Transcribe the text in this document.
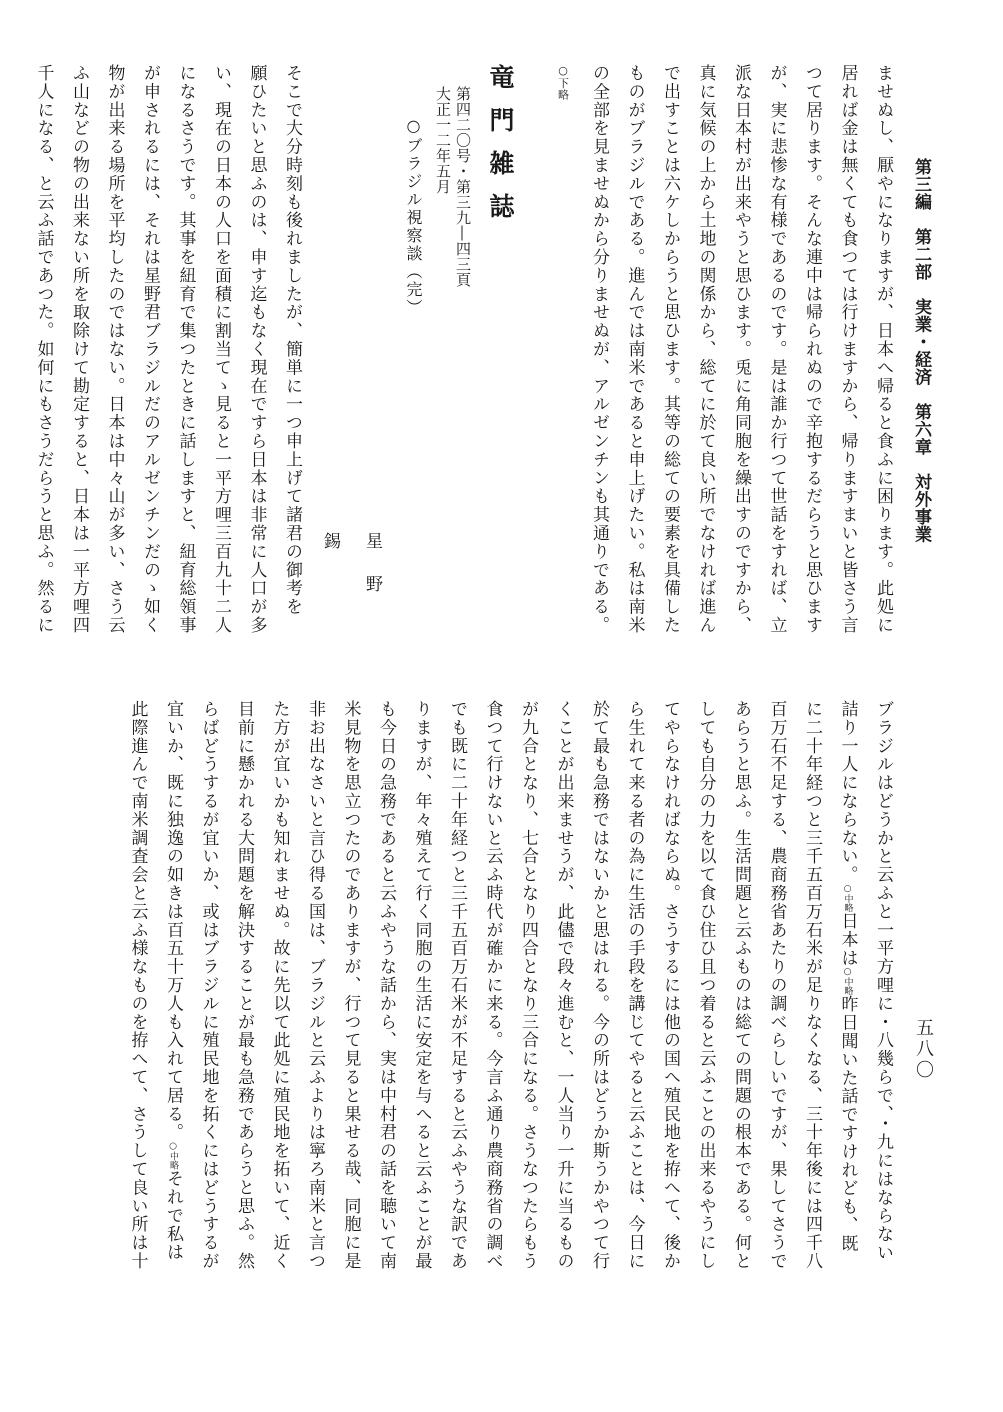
第三編　第二部　実業・経済　第六章　対外事業
五八〇
ませぬし、厭やになりますが、日本へ帰ると食ふに困ります。此処に
居れば金は無くても食つては行けますから、帰りますまいと皆さう言
つて居ります。そんな連中は帰られぬので辛抱するだらうと思ひます
が、実に悲惨な有様であるのです。是は誰か行つて世話をすれば、立
派な日本村が出来やうと思ひます。兎に角同胞を繰出すのですから、
真に気候の上から土地の関係から、総てに於て良い所でなければ進ん
で出すことは六ケしからうと思ひます。其等の総ての要素を具備した
ものがブラジルである。進んでは南米であると申上げたい。私は南米
の全部を見ませぬから分りませぬが、アルゼンチンも其通りである。
○下略
竜門雑誌
第四二〇号・第三九―四三頁
大正一二年五月
○ブラジル視察談（完）
星野錫
そこで大分時刻も後れましたが、簡単に一つ申上げて諸君の御考を
願ひたいと思ふのは、申す迄もなく現在ですら日本は非常に人口が多
い、現在の日本の人口を面積に割当てゝ見ると一平方哩三百九十二人
になるさうです。其事を紐育で集つたときに話しますと、紐育総領事
が申されるには、それは星野君ブラジルだのアルゼンチンだのゝ如く
物が出来る場所を平均したのではない。日本は中々山が多い、さう云
ふ山などの物の出来ない所を取除けて勘定すると、日本は一平方哩四
千人になる、と云ふ話であつた。如何にもさうだらうと思ふ。然るに
ブラジルはどうかと云ふと一平方哩に・八幾らで、・九にはならない
詰り一人にならない。○中略日本は○中略昨日聞いた話ですけれども、既
に二十年経つと三千五百万石米が足りなくなる、三十年後には四千八
百万石不足する、農商務省あたりの調べらしいですが、果してさうで
あらうと思ふ。生活問題と云ふものは総ての問題の根本である。何と
しても自分の力を以て食ひ住ひ且つ着ると云ふことの出来るやうにし
てやらなければならぬ。さうするには他の国へ殖民地を拵へて、後か
ら生れて来る者の為に生活の手段を講じてやると云ふことは、今日に
於て最も急務ではないかと思はれる。今の所はどうか斯うかやつて行
くことが出来ませうが、此儘で段々進むと、一人当り一升に当るもの
が九合となり、七合となり四合となり三合になる。さうなつたらもう
食つて行けないと云ふ時代が確かに来る。今言ふ通り農商務省の調べ
でも既に二十年経つと三千五百万石米が不足すると云ふやうな訳であ
りますが、年々殖えて行く同胞の生活に安定を与へると云ふことが最
も今日の急務であると云ふやうな話から、実は中村君の話を聴いて南
米見物を思立つたのでありますが、行つて見ると果せる哉、同胞に是
非お出なさいと言ひ得る国は、ブラジルと云ふよりは寧ろ南米と言つ
た方が宜いかも知れませぬ。故に先以て此処に殖民地を拓いて、近く
目前に懸かれる大問題を解決することが最も急務であらうと思ふ。然
らばどうするが宜いか、或はブラジルに殖民地を拓くにはどうするが
宜いか、既に独逸の如きは百五十万人も入れて居る。○中略それで私は
此際進んで南米調査会と云ふ様なものを拵へて、さうして良い所は十
